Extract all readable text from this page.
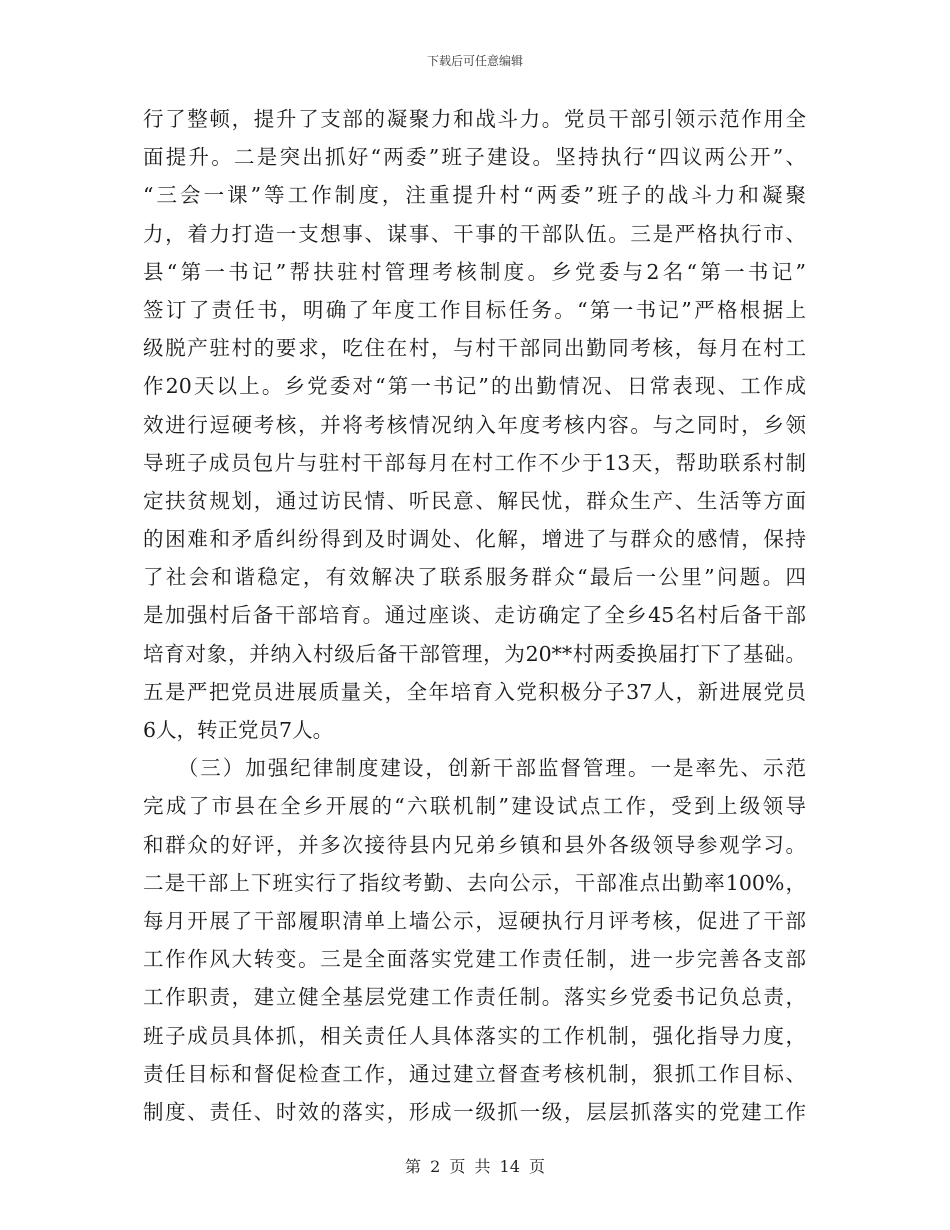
下载后可任意编辑
行了整顿，提升了支部的凝聚力和战斗力。党员干部引领示范作用全
面提升。二是突出抓好“两委”班子建设。坚持执行“四议两公开”、
“三会一课”等工作制度，注重提升村“两委”班子的战斗力和凝聚
力，着力打造一支想事、谋事、干事的干部队伍。三是严格执行市、
县“第一书记”帮扶驻村管理考核制度。乡党委与2名“第一书记”
签订了责任书，明确了年度工作目标任务。“第一书记”严格根据上
级脱产驻村的要求，吃住在村，与村干部同出勤同考核，每月在村工
作20天以上。乡党委对“第一书记”的出勤情况、日常表现、工作成
效进行逗硬考核，并将考核情况纳入年度考核内容。与之同时，乡领
导班子成员包片与驻村干部每月在村工作不少于13天，帮助联系村制
定扶贫规划，通过访民情、听民意、解民忧，群众生产、生活等方面
的困难和矛盾纠纷得到及时调处、化解，增进了与群众的感情，保持
了社会和谐稳定，有效解决了联系服务群众“最后一公里”问题。四
是加强村后备干部培育。通过座谈、走访确定了全乡45名村后备干部
培育对象，并纳入村级后备干部管理，为20**村两委换届打下了基础。
五是严把党员进展质量关，全年培育入党积极分子37人，新进展党员
6人，转正党员7人。
　　（三）加强纪律制度建设，创新干部监督管理。一是率先、示范
完成了市县在全乡开展的“六联机制”建设试点工作，受到上级领导
和群众的好评，并多次接待县内兄弟乡镇和县外各级领导参观学习。
二是干部上下班实行了指纹考勤、去向公示，干部准点出勤率100%，
每月开展了干部履职清单上墙公示，逗硬执行月评考核，促进了干部
工作作风大转变。三是全面落实党建工作责任制，进一步完善各支部
工作职责，建立健全基层党建工作责任制。落实乡党委书记负总责，
班子成员具体抓，相关责任人具体落实的工作机制，强化指导力度，
责任目标和督促检查工作，通过建立督查考核机制，狠抓工作目标、
制度、责任、时效的落实，形成一级抓一级，层层抓落实的党建工作
第 2 页 共 14 页
